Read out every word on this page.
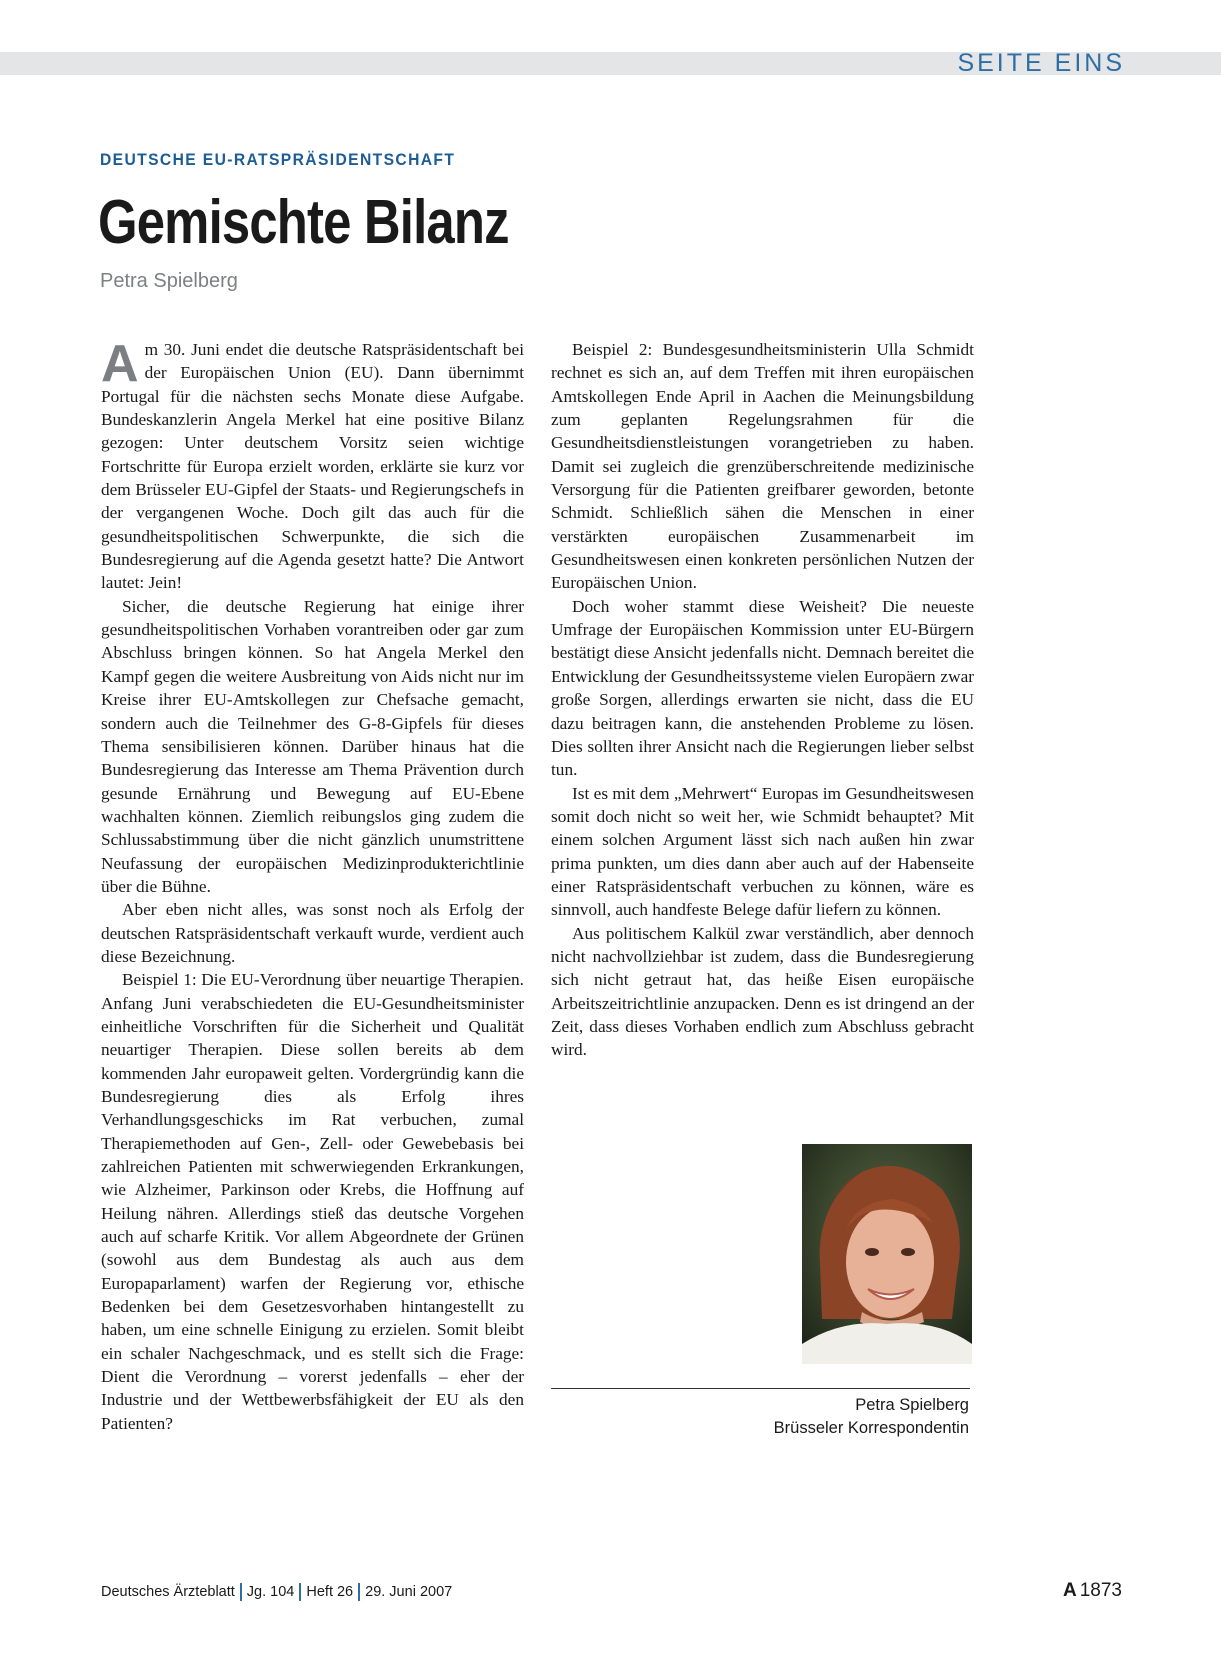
SEITE EINS
DEUTSCHE EU-RATSPRÄSIDENTSCHAFT
Gemischte Bilanz
Petra Spielberg

Am 30. Juni endet die deutsche Ratspräsidentschaft bei der Europäischen Union (EU). Dann übernimmt Portugal für die nächsten sechs Monate diese Aufgabe. Bundeskanzlerin Angela Merkel hat eine positive Bilanz gezogen: Unter deutschem Vorsitz seien wichtige Fortschritte für Europa erzielt worden, erklärte sie kurz vor dem Brüsseler EU-Gipfel der Staats- und Regierungschefs in der vergangenen Woche. Doch gilt das auch für die gesundheitspolitischen Schwerpunkte, die sich die Bundesregierung auf die Agenda gesetzt hatte? Die Antwort lautet: Jein!

Sicher, die deutsche Regierung hat einige ihrer gesundheitspolitischen Vorhaben vorantreiben oder gar zum Abschluss bringen können. So hat Angela Merkel den Kampf gegen die weitere Ausbreitung von Aids nicht nur im Kreise ihrer EU-Amtskollegen zur Chefsache gemacht, sondern auch die Teilnehmer des G-8-Gipfels für dieses Thema sensibilisieren können. Darüber hinaus hat die Bundesregierung das Interesse am Thema Prävention durch gesunde Ernährung und Bewegung auf EU-Ebene wachhalten können. Ziemlich reibungslos ging zudem die Schlussabstimmung über die nicht gänzlich unumstrittene Neufassung der europäischen Medizinprodukterichtlinie über die Bühne.

Aber eben nicht alles, was sonst noch als Erfolg der deutschen Ratspräsidentschaft verkauft wurde, verdient auch diese Bezeichnung.

Beispiel 1: Die EU-Verordnung über neuartige Therapien. Anfang Juni verabschiedeten die EU-Gesundheitsminister einheitliche Vorschriften für die Sicherheit und Qualität neuartiger Therapien. Diese sollen bereits ab dem kommenden Jahr europaweit gelten. Vordergründig kann die Bundesregierung dies als Erfolg ihres Verhandlungsgeschicks im Rat verbuchen, zumal Therapiemethoden auf Gen-, Zell- oder Gewebebasis bei zahlreichen Patienten mit schwerwiegenden Erkrankungen, wie Alzheimer, Parkinson oder Krebs, die Hoffnung auf Heilung nähren. Allerdings stieß das deutsche Vorgehen auch auf scharfe Kritik. Vor allem Abgeordnete der Grünen (sowohl aus dem Bundestag als auch aus dem Europaparlament) warfen der Regierung vor, ethische Bedenken bei dem Gesetzesvorhaben hintangestellt zu haben, um eine schnelle Einigung zu erzielen. Somit bleibt ein schaler Nachgeschmack, und es stellt sich die Frage: Dient die Verordnung – vorerst jedenfalls – eher der Industrie und der Wettbewerbsfähigkeit der EU als den Patienten?

Beispiel 2: Bundesgesundheitsministerin Ulla Schmidt rechnet es sich an, auf dem Treffen mit ihren europäischen Amtskollegen Ende April in Aachen die Meinungsbildung zum geplanten Regelungsrahmen für die Gesundheitsdienstleistungen vorangetrieben zu haben. Damit sei zugleich die grenzüberschreitende medizinische Versorgung für die Patienten greifbarer geworden, betonte Schmidt. Schließlich sähen die Menschen in einer verstärkten europäischen Zusammenarbeit im Gesundheitswesen einen konkreten persönlichen Nutzen der Europäischen Union.

Doch woher stammt diese Weisheit? Die neueste Umfrage der Europäischen Kommission unter EU-Bürgern bestätigt diese Ansicht jedenfalls nicht. Demnach bereitet die Entwicklung der Gesundheitssysteme vielen Europäern zwar große Sorgen, allerdings erwarten sie nicht, dass die EU dazu beitragen kann, die anstehenden Probleme zu lösen. Dies sollten ihrer Ansicht nach die Regierungen lieber selbst tun.

Ist es mit dem „Mehrwert“ Europas im Gesundheitswesen somit doch nicht so weit her, wie Schmidt behauptet? Mit einem solchen Argument lässt sich nach außen hin zwar prima punkten, um dies dann aber auch auf der Habenseite einer Ratspräsidentschaft verbuchen zu können, wäre es sinnvoll, auch handfeste Belege dafür liefern zu können.

Aus politischem Kalkül zwar verständlich, aber dennoch nicht nachvollziehbar ist zudem, dass die Bundesregierung sich nicht getraut hat, das heiße Eisen europäische Arbeitszeitrichtlinie anzupacken. Denn es ist dringend an der Zeit, dass dieses Vorhaben endlich zum Abschluss gebracht wird.

Petra Spielberg
Brüsseler Korrespondentin
Deutsches Ärzteblatt Jg. 104 Heft 26 29. Juni 2007	A 1873
